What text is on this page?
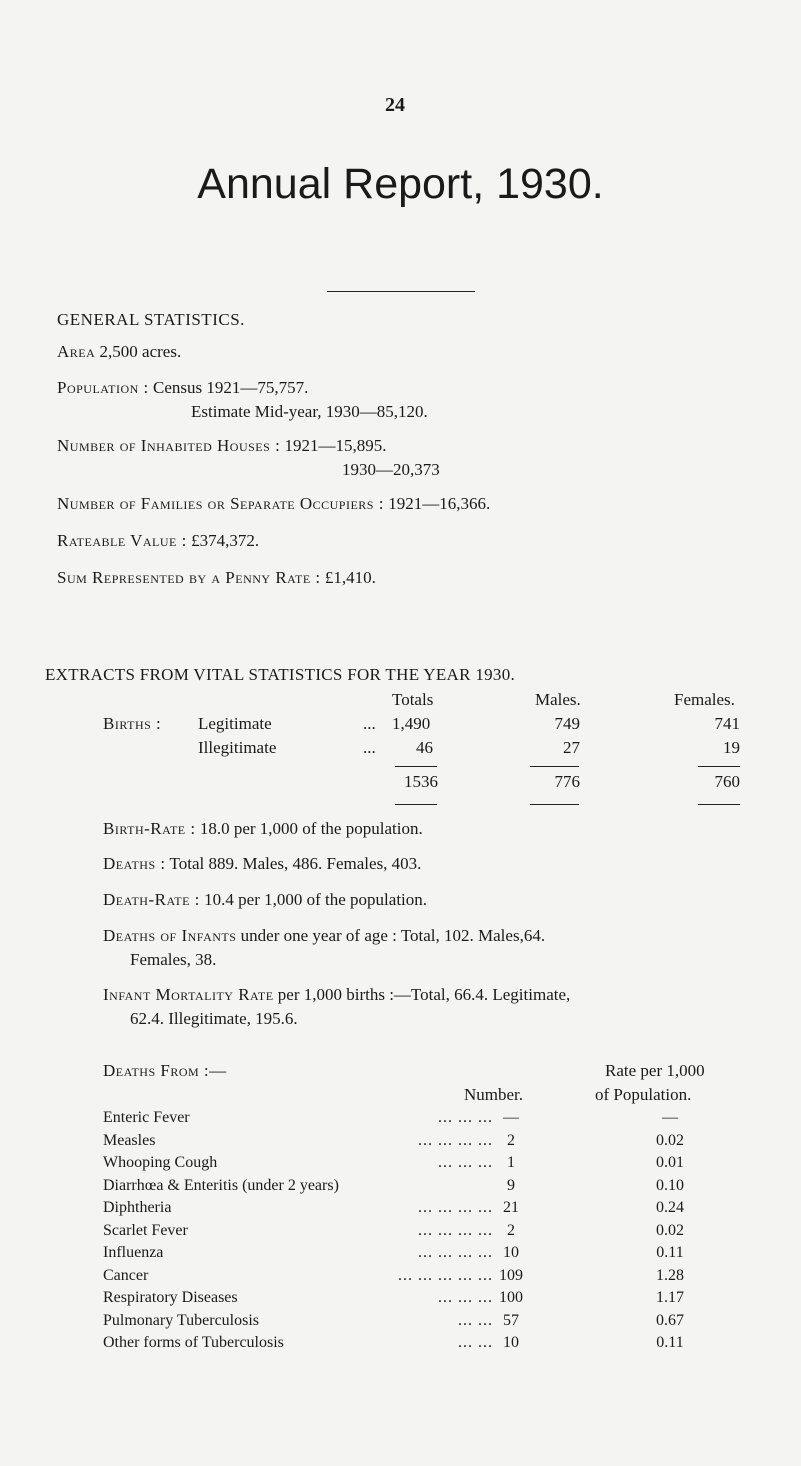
24
Annual Report, 1930.
GENERAL STATISTICS.
Area 2,500 acres.
Population : Census 1921—75,757.
Estimate Mid-year, 1930—85,120.
Number of Inhabited Houses : 1921—15,895.
1930—20,373
Number of Families or Separate Occupiers : 1921—16,366.
Rateable Value : £374,372.
Sum Represented by a Penny Rate : £1,410.
EXTRACTS FROM VITAL STATISTICS FOR THE YEAR 1930.
Totals	Males.	Females.
Births : Legitimate	... 1,490	749	741
Illegitimate	...	46	27	19
1536	776	760
Birth-Rate : 18.0 per 1,000 of the population.
Deaths : Total 889. Males, 486. Females, 403.
Death-Rate : 10.4 per 1,000 of the population.
Deaths of Infants under one year of age : Total, 102. Males,64.
Females, 38.
Infant Mortality Rate per 1,000 births :—Total, 66.4. Legitimate,
62.4. Illegitimate, 195.6.
Deaths From :—	Rate per 1,000
Number.	of Population.
Enteric Fever	... ... ... —	—
Measles	... ... ... ... 2	0.02
Whooping Cough	... ... ... 1	0.01
Diarrhœa & Enteritis (under 2 years)	9	0.10
Diphtheria	... ... ... ... 21	0.24
Scarlet Fever	... ... ... ... 2	0.02
Influenza	... ... ... ... 10	0.11
Cancer	... ... ... ... ... 109	1.28
Respiratory Diseases	... ... ... 100	1.17
Pulmonary Tuberculosis	... ... 57	0.67
Other forms of Tuberculosis	... ... 10	0.11
